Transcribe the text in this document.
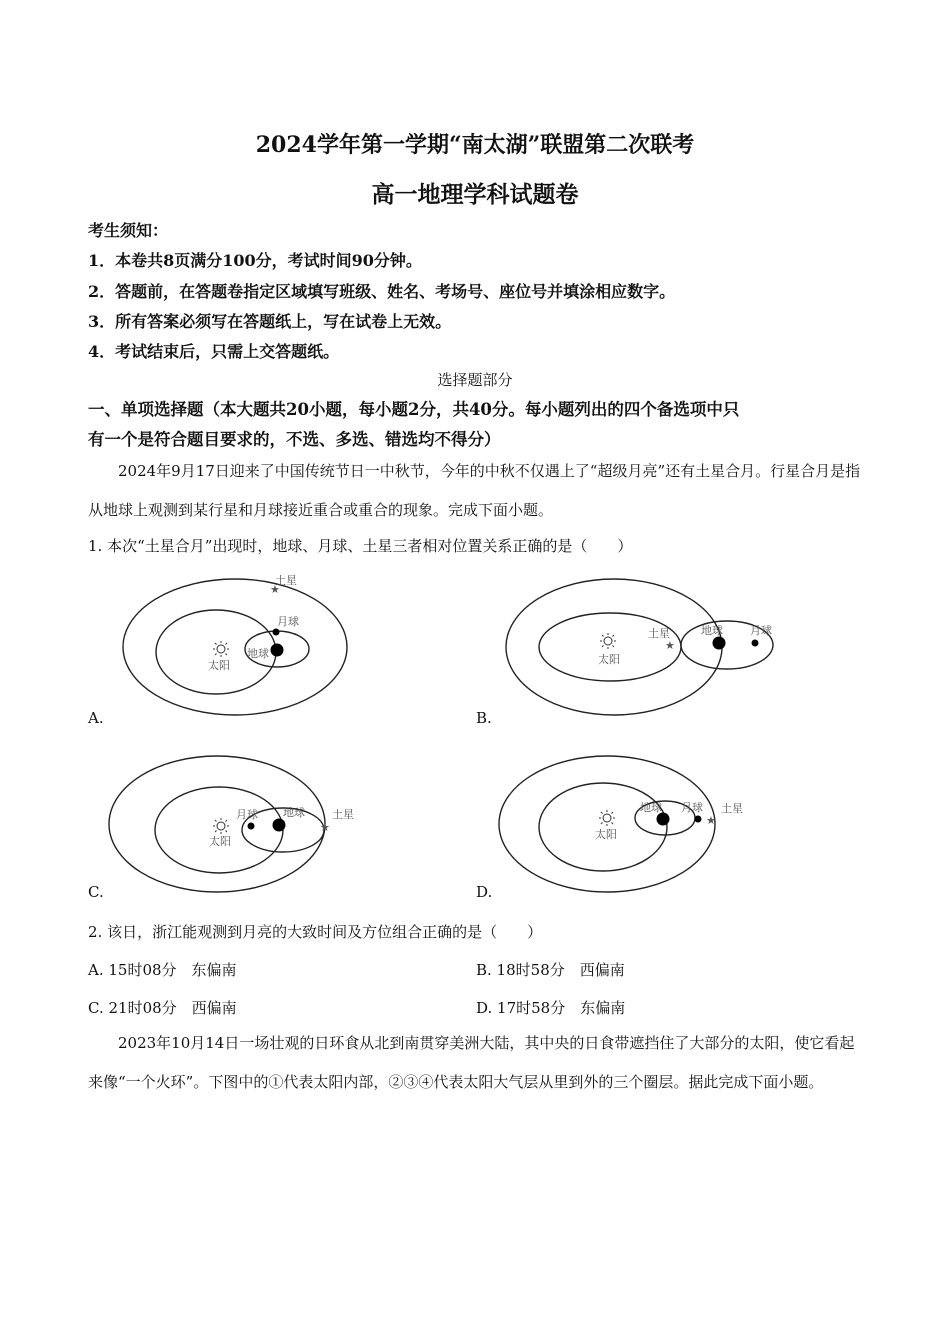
2024学年第一学期“南太湖”联盟第二次联考
高一地理学科试题卷
考生须知：
1．本卷共8页满分100分，考试时间90分钟。
2．答题前，在答题卷指定区域填写班级、姓名、考场号、座位号并填涂相应数字。
3．所有答案必须写在答题纸上，写在试卷上无效。
4．考试结束后，只需上交答题纸。
选择题部分
一、单项选择题（本大题共20小题，每小题2分，共40分。每小题列出的四个备选项中只
有一个是符合题目要求的，不选、多选、错选均不得分）
2024年9月17日迎来了中国传统节日一中秋节，今年的中秋不仅遇上了“超级月亮”还有土星合月。行星合月是指从地球上观测到某行星和月球接近重合或重合的现象。完成下面小题。
1. 本次“土星合月”出现时，地球、月球、土星三者相对位置关系正确的是（　　）
太阳
地球
月球
★
土星
A.
太阳
★
土星	地球 月球
B.
太阳
月球 地球
★
土星
C.
太阳
地球 月球
★
土星
D.
2. 该日，浙江能观测到月亮的大致时间及方位组合正确的是（　　）
A. 15时08分　东偏南	B. 18时58分　西偏南
C. 21时08分　西偏南	D. 17时58分　东偏南
2023年10月14日一场壮观的日环食从北到南贯穿美洲大陆，其中央的日食带遮挡住了大部分的太阳，使它看起来像“一个火环”。下图中的①代表太阳内部，②③④代表太阳大气层从里到外的三个圈层。据此完成下面小题。
